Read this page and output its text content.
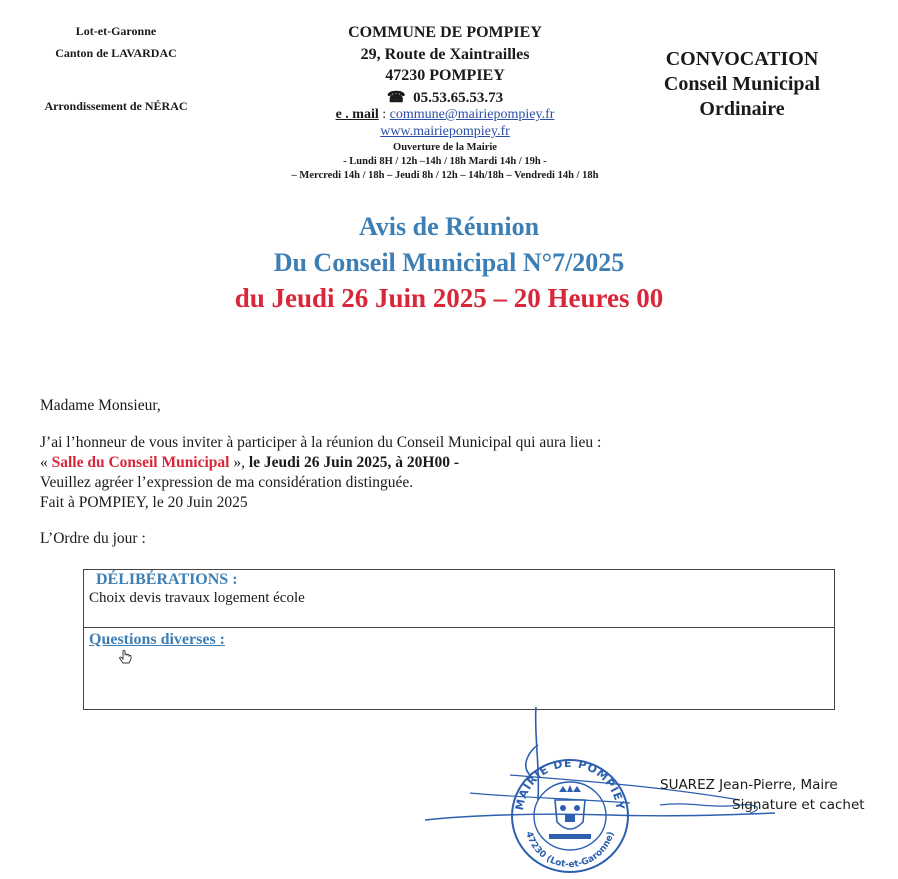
Lot-et-Garonne
Canton de LAVARDAC
Arrondissement de NÉRAC
COMMUNE DE POMPIEY
29, Route de Xaintrailles
47230 POMPIEY
☎ 05.53.65.53.73
e . mail : commune@mairiepompiey.fr
www.mairiepompiey.fr
Ouverture de la Mairie
- Lundi 8H / 12h –14h / 18h Mardi 14h / 19h -
– Mercredi 14h / 18h – Jeudi 8h / 12h – 14h/18h – Vendredi 14h / 18h
CONVOCATION
Conseil Municipal
Ordinaire
Avis de Réunion
Du Conseil Municipal N°7/2025
du Jeudi 26 Juin 2025 – 20 Heures 00
Madame Monsieur,
J’ai l’honneur de vous inviter à participer à la réunion du Conseil Municipal qui aura lieu :
« Salle du Conseil Municipal », le Jeudi 26 Juin 2025, à 20H00 -
Veuillez agréer l’expression de ma considération distinguée.
Fait à POMPIEY, le 20 Juin 2025
L’Ordre du jour :
DÉLIBÉRATIONS :
Choix devis travaux logement école
Questions diverses :
MAIRIE DE POMPIEY
47230 (Lot-et-Garonne)
SUAREZ Jean-Pierre, Maire
Signature et cachet
